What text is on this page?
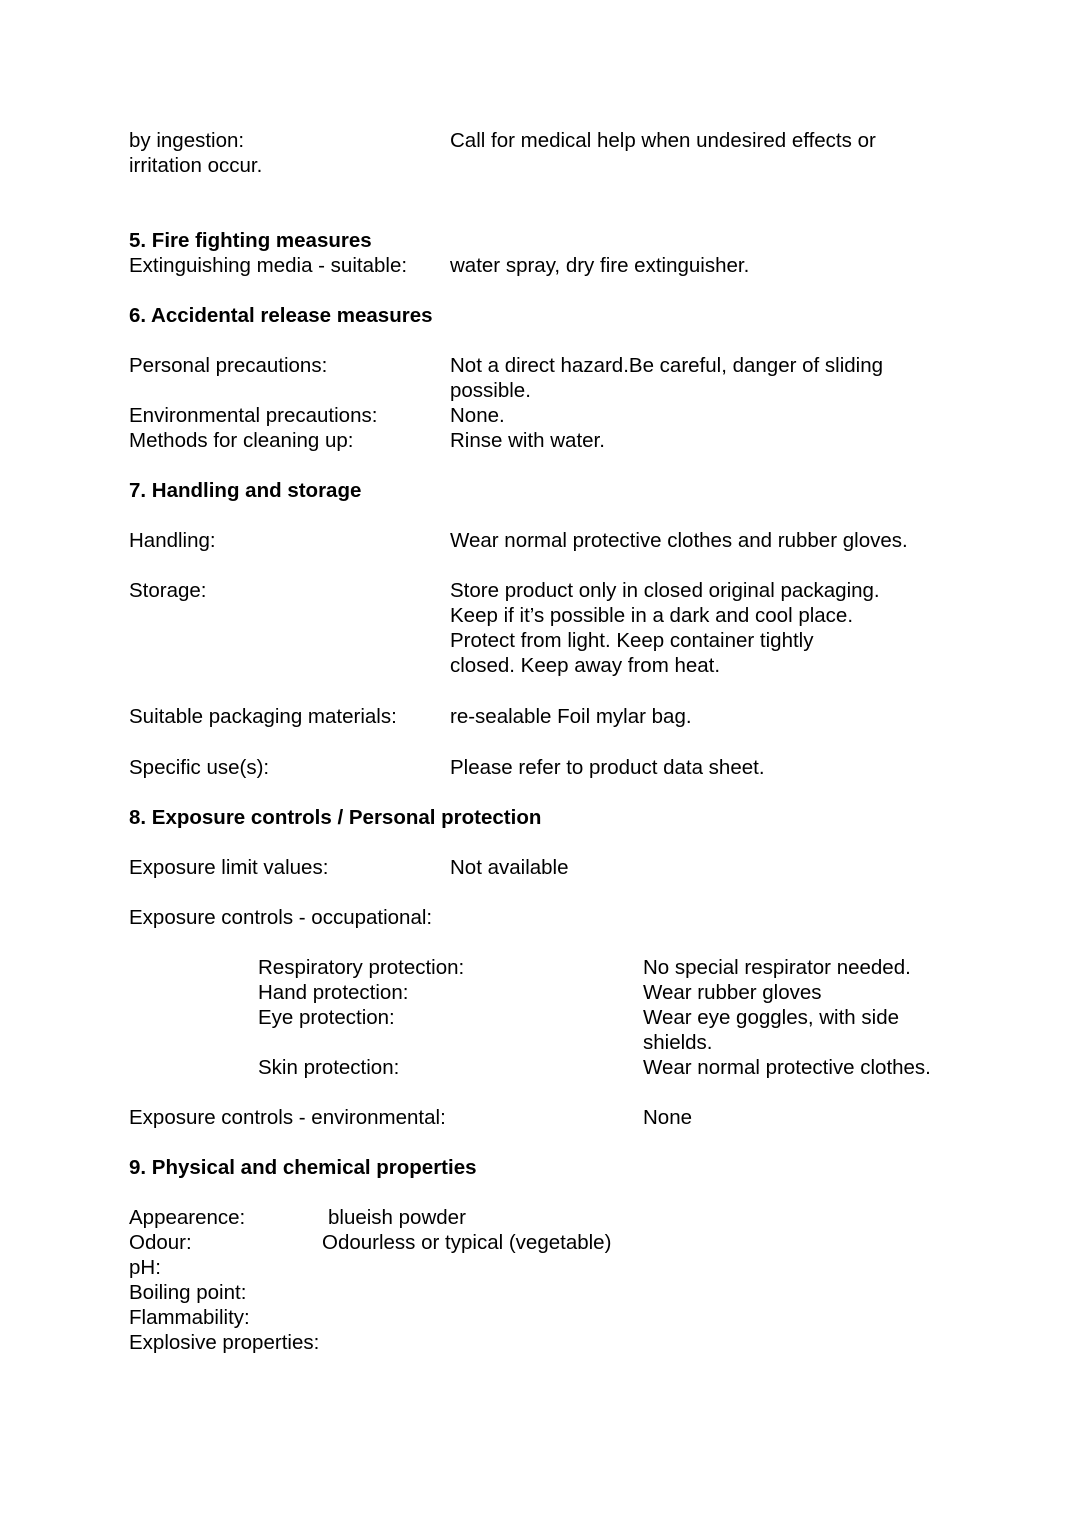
by ingestion:	Call for medical help when undesired effects or
irritation occur.
5. Fire fighting measures
Extinguishing media - suitable: water spray, dry fire extinguisher.
6. Accidental release measures
Personal precautions:	Not a direct hazard.Be careful, danger of sliding
possible.
Environmental precautions:	None.
Methods for cleaning up:	Rinse with water.
7. Handling and storage
Handling:	Wear normal protective clothes and rubber gloves.
Storage:	Store product only in closed original packaging.
Keep if it’s possible in a dark and cool place.
Protect from light. Keep container tightly
closed. Keep away from heat.
Suitable packaging materials:	re-sealable Foil mylar bag.
Specific use(s):	Please refer to product data sheet.
8. Exposure controls / Personal protection
Exposure limit values:	Not available
Exposure controls - occupational:
Respiratory protection:	No special respirator needed.
Hand protection:	Wear rubber gloves
Eye protection:	Wear eye goggles, with side
shields.
Skin protection:	Wear normal protective clothes.
Exposure controls - environmental:	None
9. Physical and chemical properties
Appearence:	blueish powder
Odour:	Odourless or typical (vegetable)
pH:
Boiling point:
Flammability:
Explosive properties:
